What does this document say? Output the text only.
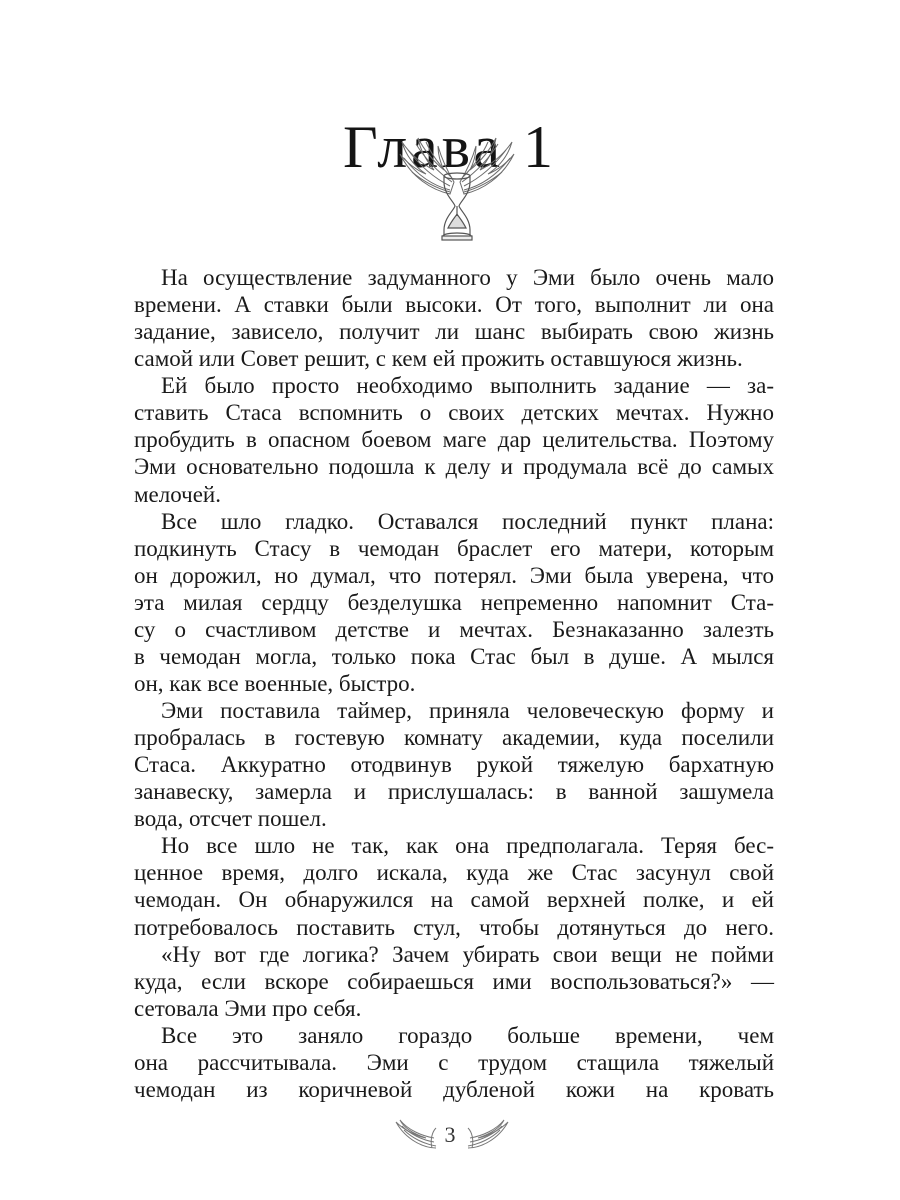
Глава 1
На осуществление задуманного у Эми было очень мало
времени. А ставки были высоки. От того, выполнит ли она
задание, зависело, получит ли шанс выбирать свою жизнь
самой или Совет решит, с кем ей прожить оставшуюся жизнь.
Ей было просто необходимо выполнить задание — за-
ставить Стаса вспомнить о своих детских мечтах. Нужно
пробудить в опасном боевом маге дар целительства. Поэтому
Эми основательно подошла к делу и продумала всё до самых
мелочей.
Все шло гладко. Оставался последний пункт плана:
подкинуть Стасу в чемодан браслет его матери, которым
он дорожил, но думал, что потерял. Эми была уверена, что
эта милая сердцу безделушка непременно напомнит Ста-
су о счастливом детстве и мечтах. Безнаказанно залезть
в чемодан могла, только пока Стас был в душе. А мылся
он, как все военные, быстро.
Эми поставила таймер, приняла человеческую форму и
пробралась в гостевую комнату академии, куда поселили
Стаса. Аккуратно отодвинув рукой тяжелую бархатную
занавеску, замерла и прислушалась: в ванной зашумела
вода, отсчет пошел.
Но все шло не так, как она предполагала. Теряя бес-
ценное время, долго искала, куда же Стас засунул свой
чемодан. Он обнаружился на самой верхней полке, и ей
потребовалось поставить стул, чтобы дотянуться до него.
«Ну вот где логика? Зачем убирать свои вещи не пойми
куда, если вскоре собираешься ими воспользоваться?» —
сетовала Эми про себя.
Все это заняло гораздо больше времени, чем
она рассчитывала. Эми с трудом стащила тяжелый
чемодан из коричневой дубленой кожи на кровать
3
